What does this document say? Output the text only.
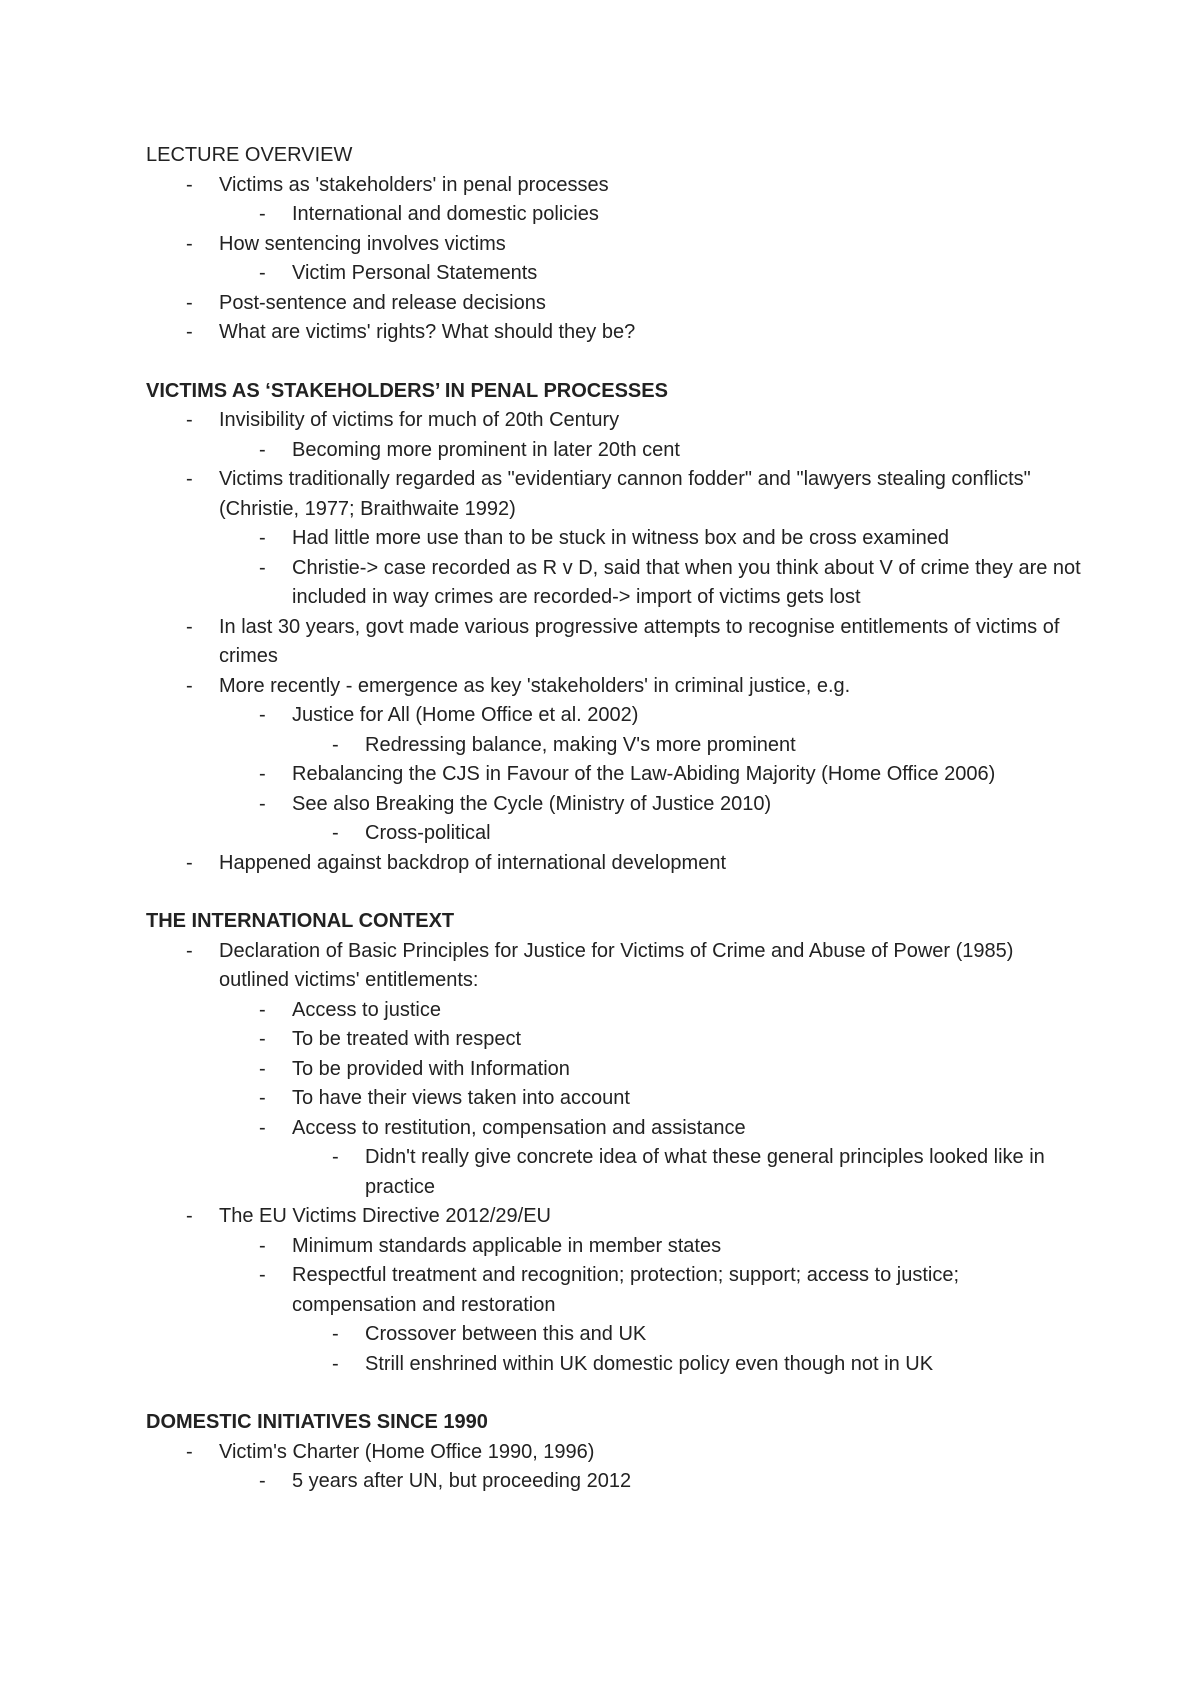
LECTURE OVERVIEW
- Victims as 'stakeholders' in penal processes
- International and domestic policies
- How sentencing involves victims
- Victim Personal Statements
- Post-sentence and release decisions
- What are victims' rights? What should they be?
VICTIMS AS ‘STAKEHOLDERS’ IN PENAL PROCESSES
- Invisibility of victims for much of 20th Century
- Becoming more prominent in later 20th cent
- Victims traditionally regarded as "evidentiary cannon fodder" and "lawyers stealing conflicts" (Christie, 1977; Braithwaite 1992)
- Had little more use than to be stuck in witness box and be cross examined
- Christie-> case recorded as R v D, said that when you think about V of crime they are not included in way crimes are recorded-> import of victims gets lost
- In last 30 years, govt made various progressive attempts to recognise entitlements of victims of crimes
- More recently - emergence as key 'stakeholders' in criminal justice, e.g.
- Justice for All (Home Office et al. 2002)
- Redressing balance, making V's more prominent
- Rebalancing the CJS in Favour of the Law-Abiding Majority (Home Office 2006)
- See also Breaking the Cycle (Ministry of Justice 2010)
- Cross-political
- Happened against backdrop of international development
THE INTERNATIONAL CONTEXT
- Declaration of Basic Principles for Justice for Victims of Crime and Abuse of Power (1985) outlined victims' entitlements:
- Access to justice
- To be treated with respect
- To be provided with Information
- To have their views taken into account
- Access to restitution, compensation and assistance
- Didn't really give concrete idea of what these general principles looked like in practice
- The EU Victims Directive 2012/29/EU
- Minimum standards applicable in member states
- Respectful treatment and recognition; protection; support; access to justice; compensation and restoration
- Crossover between this and UK
- Strill enshrined within UK domestic policy even though not in UK
DOMESTIC INITIATIVES SINCE 1990
- Victim's Charter (Home Office 1990, 1996)
- 5 years after UN, but proceeding 2012
